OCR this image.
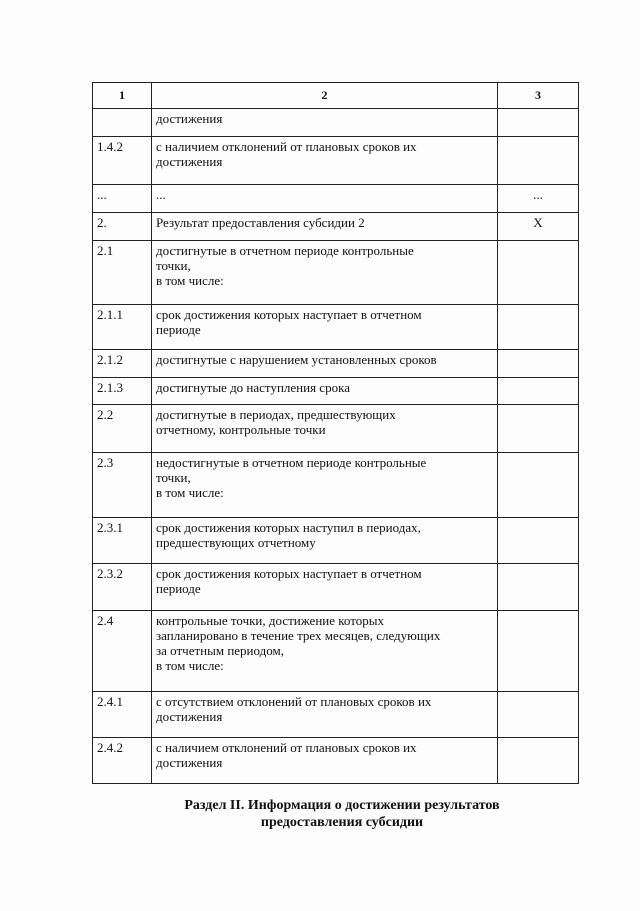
1	2	3
	достижения	
1.4.2	с наличием отклонений от плановых сроков их
достижения	
...	...	...
2.	Результат предоставления субсидии 2	X
2.1	достигнутые в отчетном периоде контрольные
точки,
в том числе:	
2.1.1	срок достижения которых наступает в отчетном
периоде	
2.1.2	достигнутые с нарушением установленных сроков	
2.1.3	достигнутые до наступления срока	
2.2	достигнутые в периодах, предшествующих
отчетному, контрольные точки	
2.3	недостигнутые в отчетном периоде контрольные
точки,
в том числе:	
2.3.1	срок достижения которых наступил в периодах,
предшествующих отчетному	
2.3.2	срок достижения которых наступает в отчетном
периоде	
2.4	контрольные точки, достижение которых
запланировано в течение трех месяцев, следующих
за отчетным периодом,
в том числе:	
2.4.1	с отсутствием отклонений от плановых сроков их
достижения	
2.4.2	с наличием отклонений от плановых сроков их
достижения	
Раздел II. Информация о достижении результатов
предоставления субсидии
